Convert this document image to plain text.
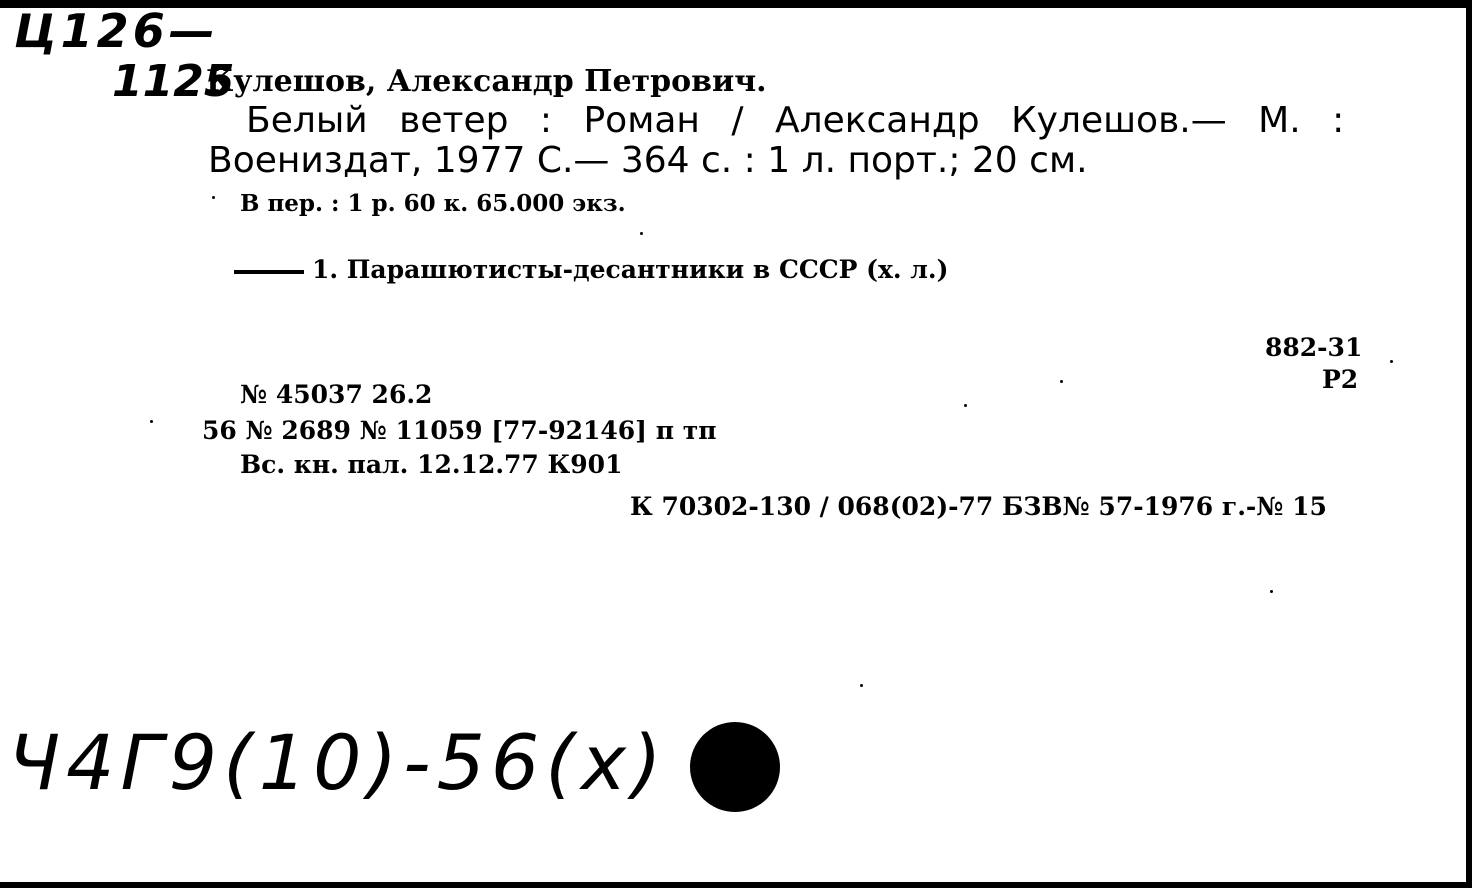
Ц126—
1125
Кулешов, Александр Петрович.
Белый ветер : Роман / Александр Кулешов.— М. :
Воениздат, 1977 С.— 364 с. : 1 л. порт.; 20 см.
В пер. : 1 р. 60 к. 65.000 экз.
1. Парашютисты-десантники в СССР (х. л.)
882-31
Р2
№ 45037 26.2
56 № 2689 № 11059 [77-92146] п тп
Вс. кн. пал. 12.12.77 К901
К 70302-130 / 068(02)-77 БЗВ№ 57-1976 г.-№ 15
Ч4Г9(10)-56(х)
